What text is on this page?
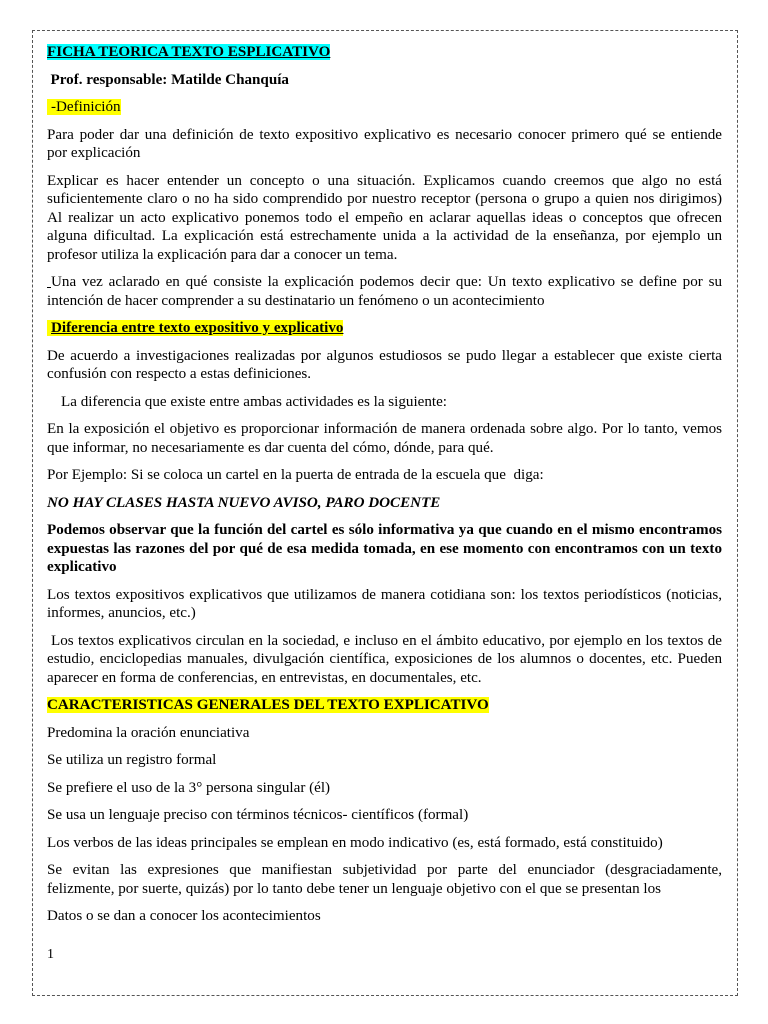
FICHA TEORICA TEXTO ESPLICATIVO
Prof. responsable: Matilde Chanquía
-Definición
Para poder dar una definición de texto expositivo explicativo es necesario conocer primero qué se entiende
por explicación
Explicar es hacer entender un concepto o una situación. Explicamos cuando creemos que algo no está
suficientemente claro o no ha sido comprendido por nuestro receptor (persona o grupo a quien nos dirigimos)
Al realizar un acto explicativo ponemos todo el empeño en aclarar aquellas ideas o conceptos que ofrecen
alguna dificultad. La explicación está estrechamente unida a la actividad de la enseñanza, por ejemplo un
profesor utiliza la explicación para dar a conocer un tema.
Una vez aclarado en qué consiste la explicación podemos decir que: Un texto explicativo se define por su
intención de hacer comprender a su destinatario un fenómeno o un acontecimiento
Diferencia entre texto expositivo y explicativo
De acuerdo a investigaciones realizadas por algunos estudiosos se pudo llegar a establecer que existe cierta
confusión con respecto a estas definiciones.
La diferencia que existe entre ambas actividades es la siguiente:
En la exposición el objetivo es proporcionar información de manera ordenada sobre algo. Por lo tanto, vemos
que informar, no necesariamente es dar cuenta del cómo, dónde, para qué.
Por Ejemplo: Si se coloca un cartel en la puerta de entrada de la escuela que  diga:
NO HAY CLASES HASTA NUEVO AVISO, PARO DOCENTE
Podemos observar que la función del cartel es sólo informativa ya que cuando en el mismo encontramos
expuestas las razones del por qué de esa medida tomada, en ese momento con encontramos con un texto
explicativo
Los textos expositivos explicativos que utilizamos de manera cotidiana son: los textos periodísticos (noticias,
informes, anuncios, etc.)
Los textos explicativos circulan en la sociedad, e incluso en el ámbito educativo, por ejemplo en los textos de
estudio, enciclopedias manuales, divulgación científica, exposiciones de los alumnos o docentes, etc. Pueden
aparecer en forma de conferencias, en entrevistas, en documentales, etc.
CARACTERISTICAS GENERALES DEL TEXTO EXPLICATIVO
Predomina la oración enunciativa
Se utiliza un registro formal
Se prefiere el uso de la 3° persona singular (él)
Se usa un lenguaje preciso con términos técnicos- científicos (formal)
Los verbos de las ideas principales se emplean en modo indicativo (es, está formado, está constituido)
Se evitan las expresiones que manifiestan subjetividad por parte del enunciador (desgraciadamente,
felizmente, por suerte, quizás) por lo tanto debe tener un lenguaje objetivo con el que se presentan los
Datos o se dan a conocer los acontecimientos
1
